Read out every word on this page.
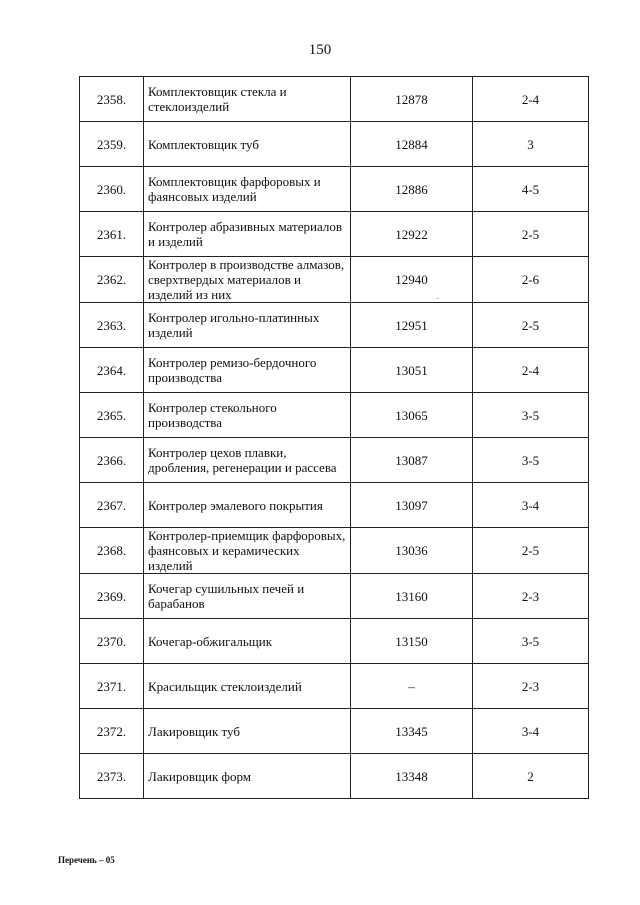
150
2358.	Комплектовщик стекла и стеклоизделий	12878	2-4
2359.	Комплектовщик туб	12884	3
2360.	Комплектовщик фарфоровых и фаянсовых изделий	12886	4-5
2361.	Контролер абразивных материалов и изделий	12922	2-5
2362.	Контролер в производстве алмазов, сверхтвердых материалов и изделий из них	12940	2-6
2363.	Контролер игольно-платинных изделий	12951	2-5
2364.	Контролер ремизо-бердочного производства	13051	2-4
2365.	Контролер стекольного производства	13065	3-5
2366.	Контролер цехов плавки, дробления, регенерации и рассева	13087	3-5
2367.	Контролер эмалевого покрытия	13097	3-4
2368.	Контролер-приемщик фарфоровых, фаянсовых и керамических изделий	13036	2-5
2369.	Кочегар сушильных печей и барабанов	13160	2-3
2370.	Кочегар-обжигальщик	13150	3-5
2371.	Красильщик стеклоизделий	–	2-3
2372.	Лакировщик туб	13345	3-4
2373.	Лакировщик форм	13348	2
Перечень – 05
